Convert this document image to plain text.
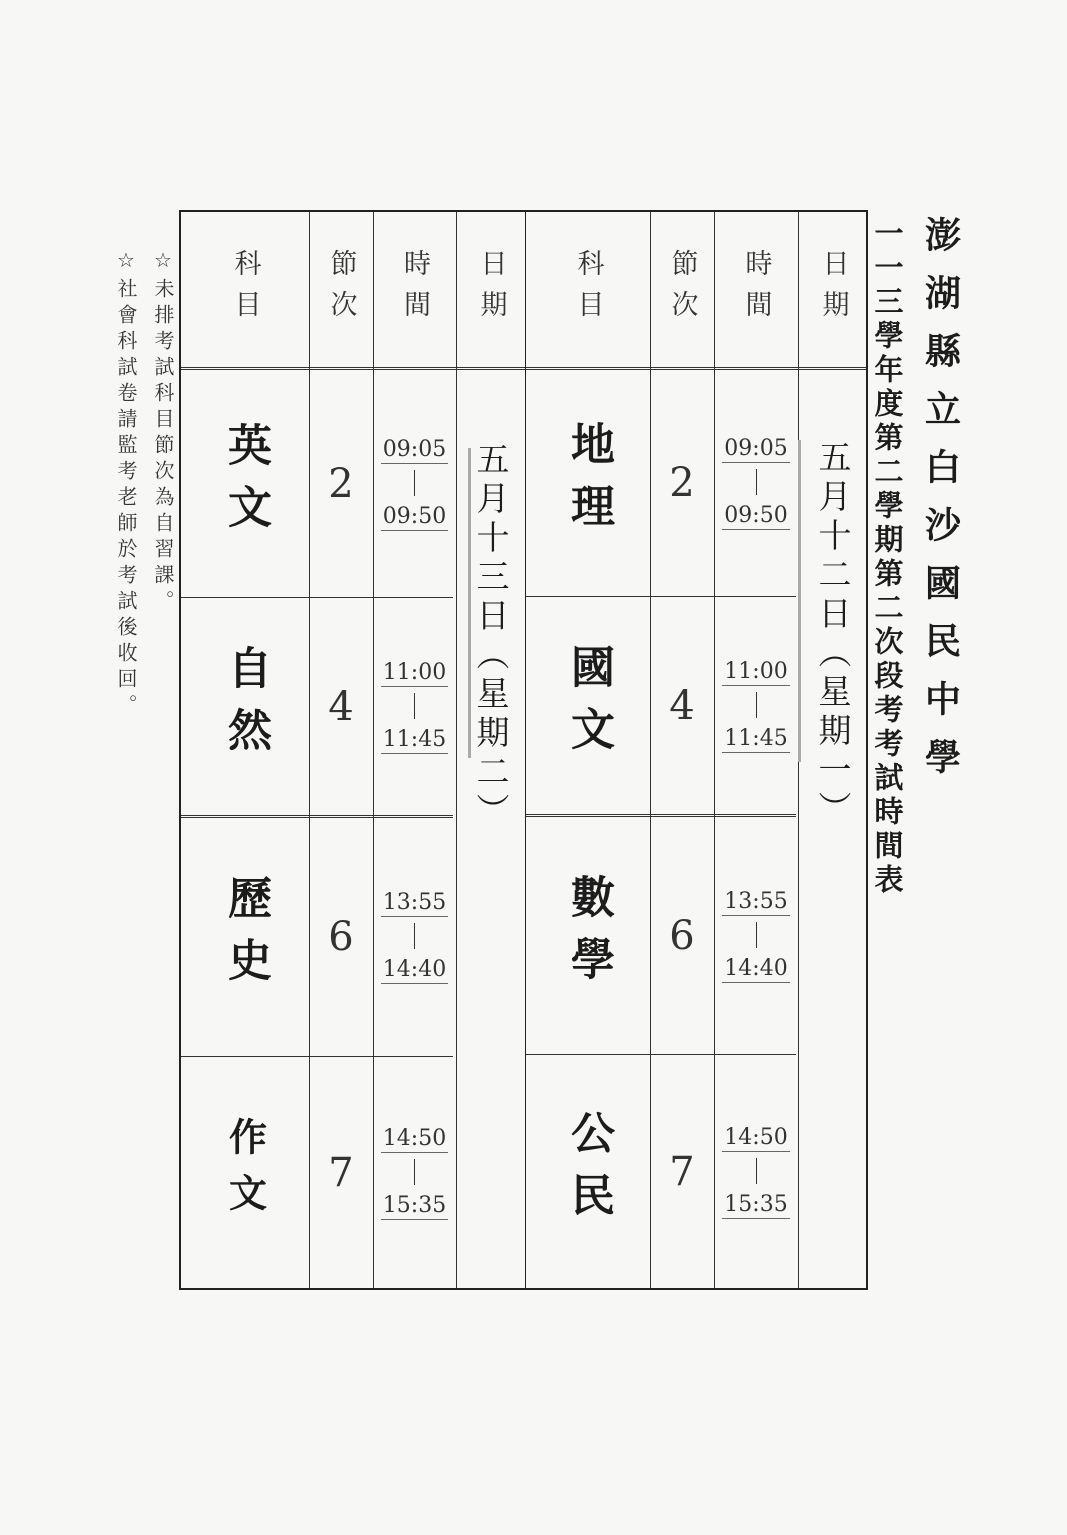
澎湖縣立白沙國民中學
一一三學年度第二學期第二次段考考試時間表
日期
時間
節次
科目
五月十二日（星期一）
地理 2
09:05
09:50
國文 4
11:00
11:45
數學 6
13:55
14:40
公民 7
14:50
15:35
日期
時間
節次
科目
五月十三日（星期二）
英文 2
09:05
09:50
自然 4
11:00
11:45
歷史 6
13:55
14:40
作文 7
14:50
15:35
☆未排考試科目節次為自習課。
☆社會科試卷請監考老師於考試後收回。
